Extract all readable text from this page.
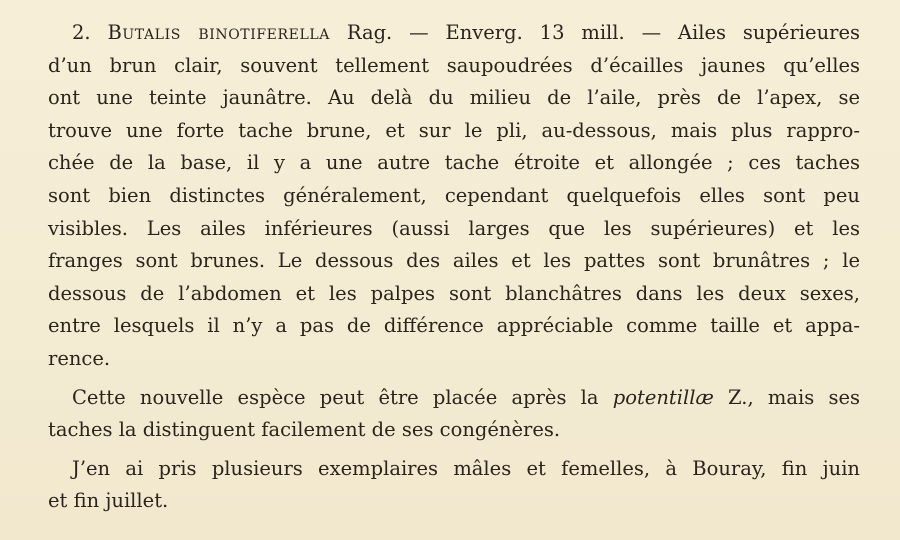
2. Butalis binotiferella Rag. — Enverg. 13 mill. — Ailes supérieures
d’un brun clair, souvent tellement saupoudrées d’écailles jaunes qu’elles
ont une teinte jaunâtre. Au delà du milieu de l’aile, près de l’apex, se
trouve une forte tache brune, et sur le pli, au-dessous, mais plus rappro-
chée de la base, il y a une autre tache étroite et allongée ; ces taches
sont bien distinctes généralement, cependant quelquefois elles sont peu
visibles. Les ailes inférieures (aussi larges que les supérieures) et les
franges sont brunes. Le dessous des ailes et les pattes sont brunâtres ; le
dessous de l’abdomen et les palpes sont blanchâtres dans les deux sexes,
entre lesquels il n’y a pas de différence appréciable comme taille et appa-
rence.
Cette nouvelle espèce peut être placée après la potentillæ Z., mais ses
taches la distinguent facilement de ses congénères.
J’en ai pris plusieurs exemplaires mâles et femelles, à Bouray, fin juin
et fin juillet.
